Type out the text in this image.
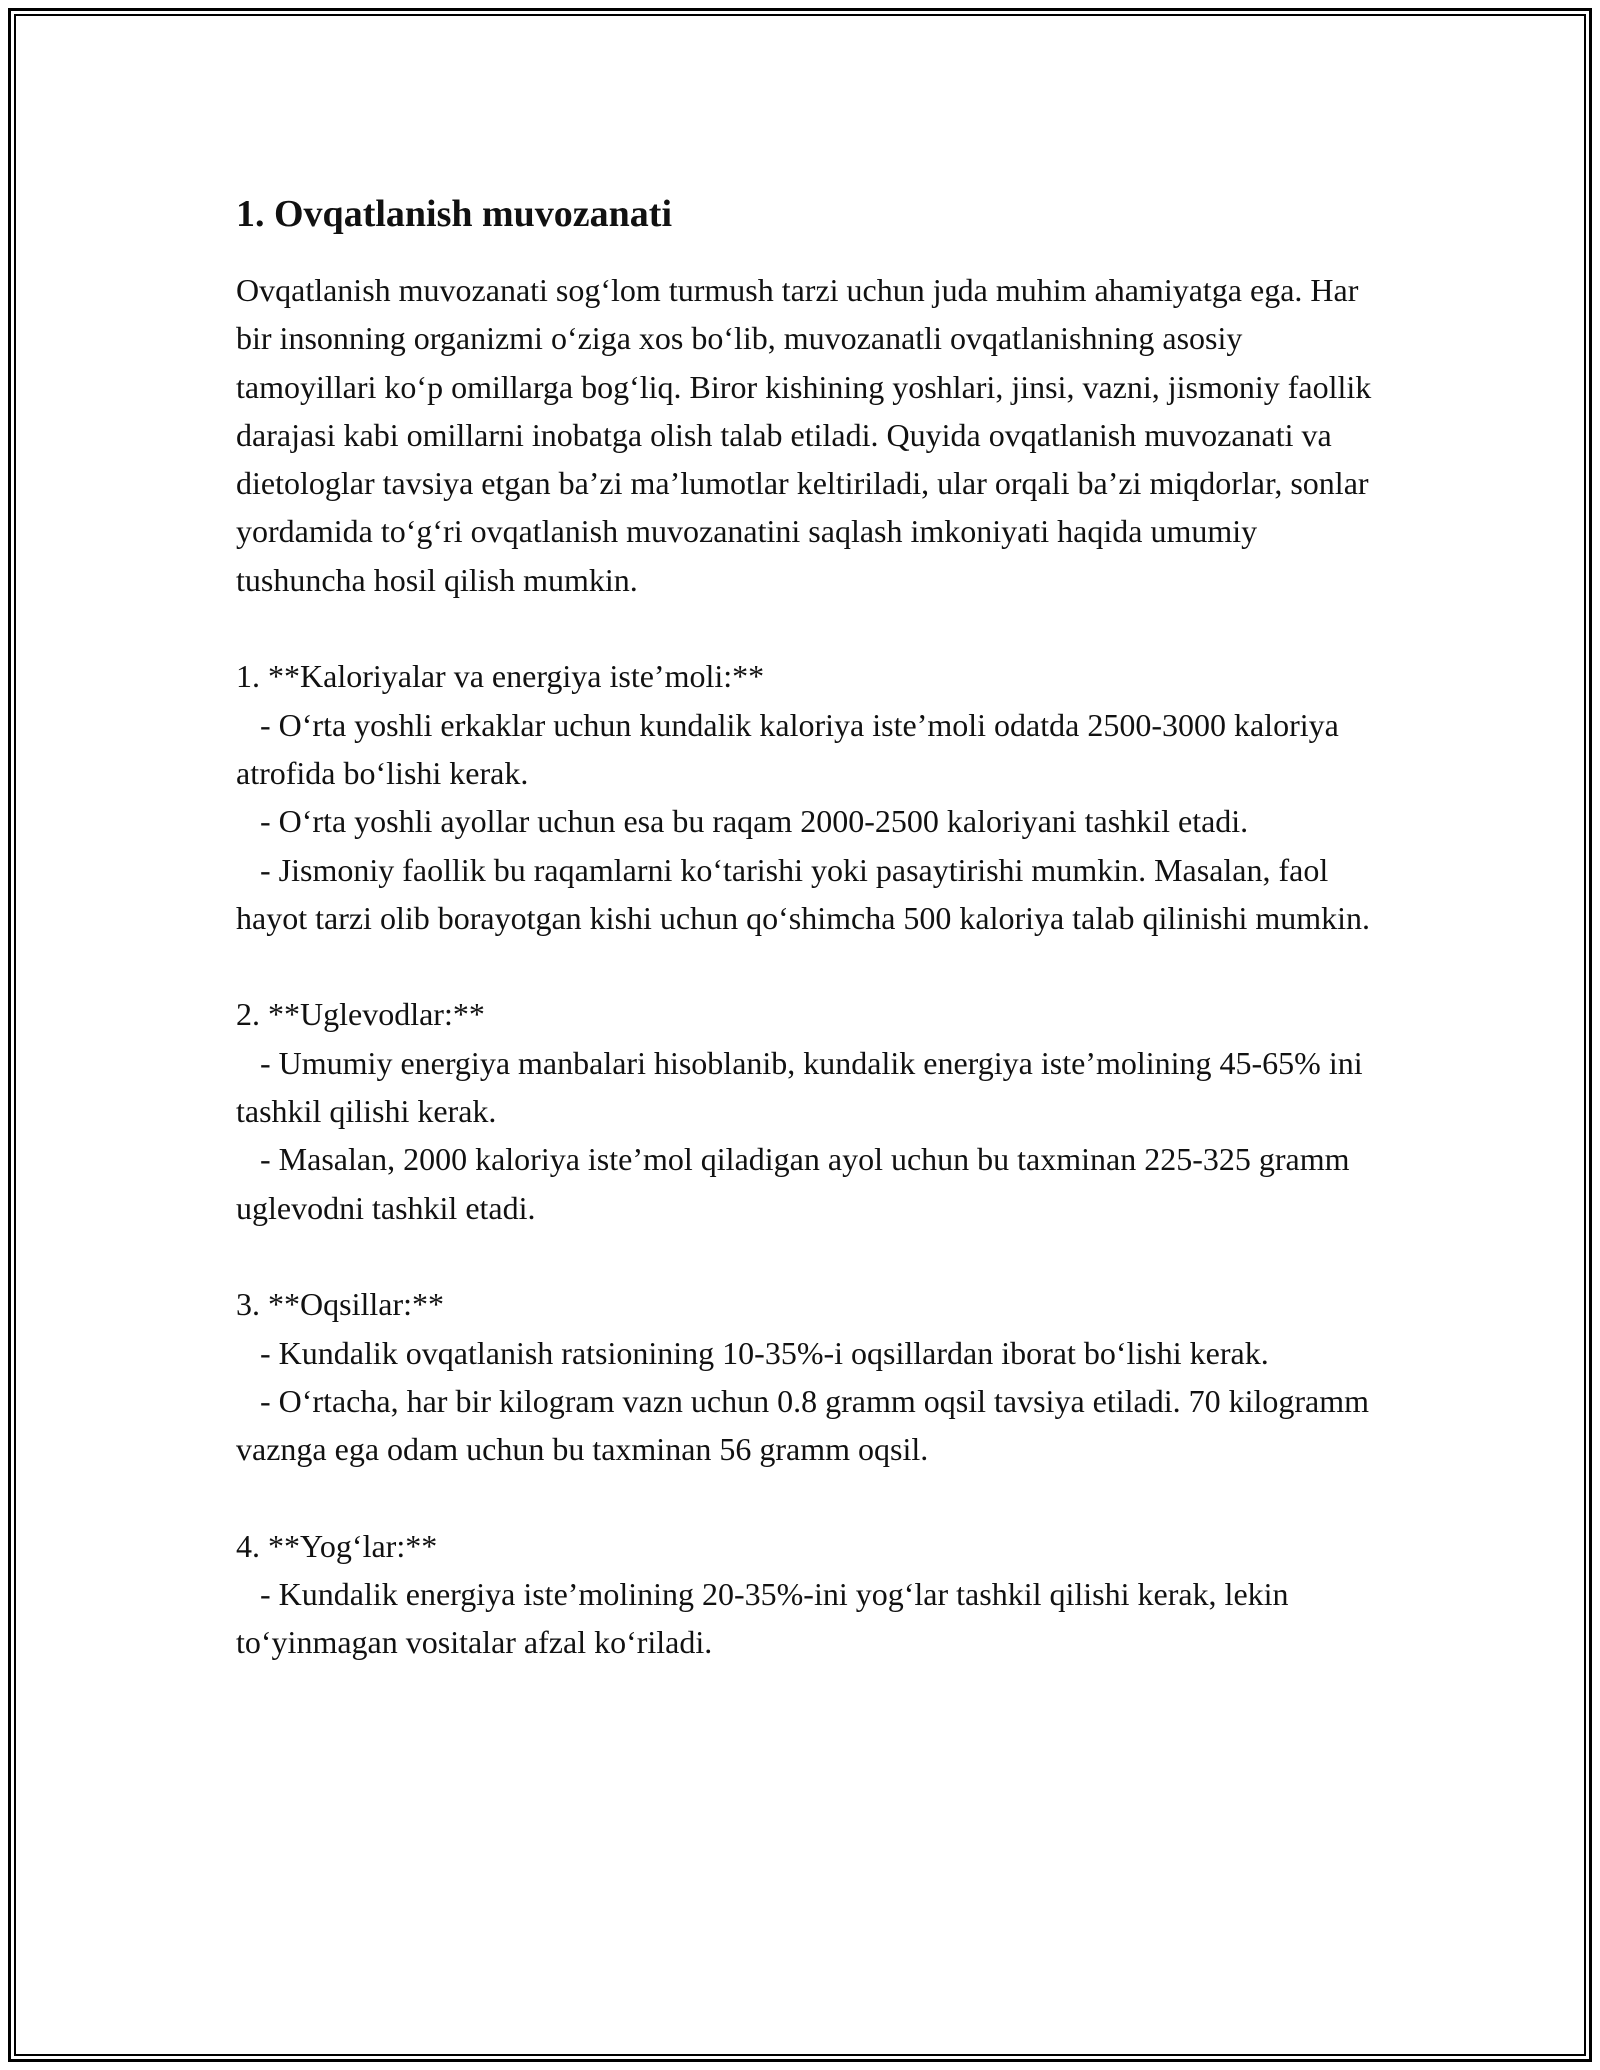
1. Ovqatlanish muvozanati

Ovqatlanish muvozanati sog‘lom turmush tarzi uchun juda muhim ahamiyatga ega. Har bir insonning organizmi o‘ziga xos bo‘lib, muvozanatli ovqatlanishning asosiy tamoyillari ko‘p omillarga bog‘liq. Biror kishining yoshlari, jinsi, vazni, jismoniy faollik darajasi kabi omillarni inobatga olish talab etiladi. Quyida ovqatlanish muvozanati va dietologlar tavsiya etgan ba’zi ma’lumotlar keltiriladi, ular orqali ba’zi miqdorlar, sonlar yordamida to‘g‘ri ovqatlanish muvozanatini saqlash imkoniyati haqida umumiy tushuncha hosil qilish mumkin.

1. **Kaloriyalar va energiya iste’moli:**
- O‘rta yoshli erkaklar uchun kundalik kaloriya iste’moli odatda 2500-3000 kaloriya atrofida bo‘lishi kerak.
- O‘rta yoshli ayollar uchun esa bu raqam 2000-2500 kaloriyani tashkil etadi.
- Jismoniy faollik bu raqamlarni ko‘tarishi yoki pasaytirishi mumkin. Masalan, faol hayot tarzi olib borayotgan kishi uchun qo‘shimcha 500 kaloriya talab qilinishi mumkin.

2. **Uglevodlar:**
- Umumiy energiya manbalari hisoblanib, kundalik energiya iste’molining 45-65% ini tashkil qilishi kerak.
- Masalan, 2000 kaloriya iste’mol qiladigan ayol uchun bu taxminan 225-325 gramm uglevodni tashkil etadi.

3. **Oqsillar:**
- Kundalik ovqatlanish ratsionining 10-35%-i oqsillardan iborat bo‘lishi kerak.
- O‘rtacha, har bir kilogram vazn uchun 0.8 gramm oqsil tavsiya etiladi. 70 kilogramm vaznga ega odam uchun bu taxminan 56 gramm oqsil.

4. **Yog‘lar:**
- Kundalik energiya iste’molining 20-35%-ini yog‘lar tashkil qilishi kerak, lekin to‘yinmagan vositalar afzal ko‘riladi.
